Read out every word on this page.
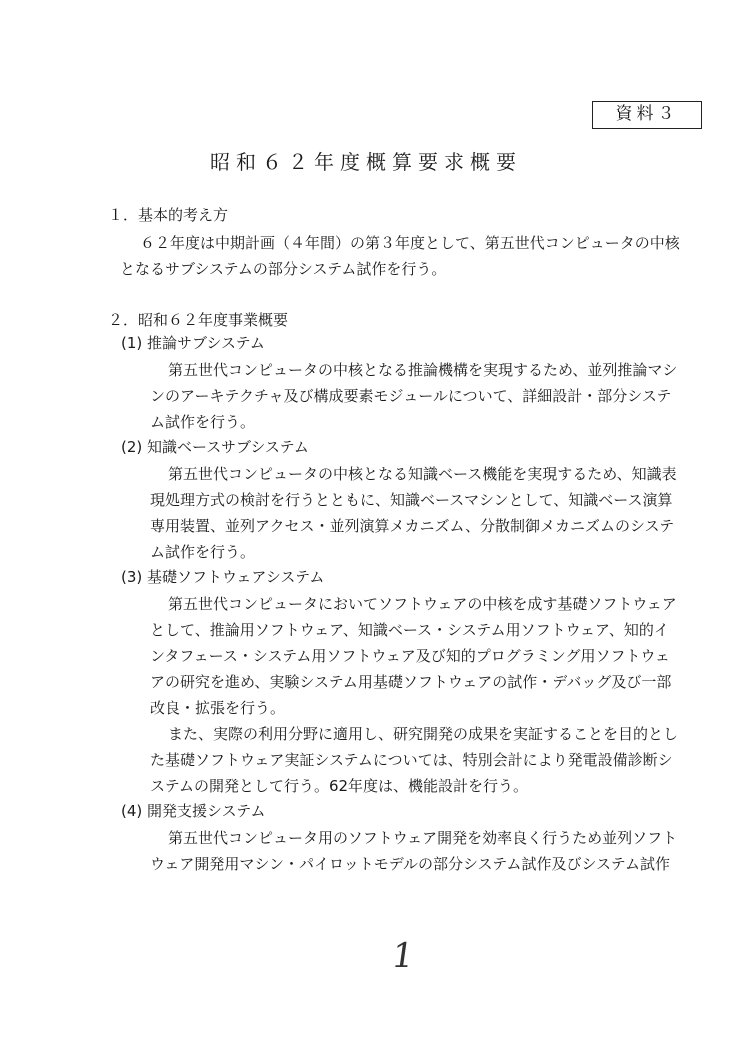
資料３
昭和６２年度概算要求概要
１．基本的考え方
６２年度は中期計画（４年間）の第３年度として、第五世代コンピュータの中核
となるサブシステムの部分システム試作を行う。
２．昭和６２年度事業概要
(1) 推論サブシステム
第五世代コンピュータの中核となる推論機構を実現するため、並列推論マシ
ンのアーキテクチャ及び構成要素モジュールについて、詳細設計・部分システ
ム試作を行う。
(2) 知識ベースサブシステム
第五世代コンピュータの中核となる知識ベース機能を実現するため、知識表
現処理方式の検討を行うとともに、知識ベースマシンとして、知識ベース演算
専用装置、並列アクセス・並列演算メカニズム、分散制御メカニズムのシステ
ム試作を行う。
(3) 基礎ソフトウェアシステム
第五世代コンピュータにおいてソフトウェアの中核を成す基礎ソフトウェア
として、推論用ソフトウェア、知識ベース・システム用ソフトウェア、知的イ
ンタフェース・システム用ソフトウェア及び知的プログラミング用ソフトウェ
アの研究を進め、実験システム用基礎ソフトウェアの試作・デバッグ及び一部
改良・拡張を行う。
また、実際の利用分野に適用し、研究開発の成果を実証することを目的とし
た基礎ソフトウェア実証システムについては、特別会計により発電設備診断シ
ステムの開発として行う。62年度は、機能設計を行う。
(4) 開発支援システム
第五世代コンピュータ用のソフトウェア開発を効率良く行うため並列ソフト
ウェア開発用マシン・パイロットモデルの部分システム試作及びシステム試作
1
